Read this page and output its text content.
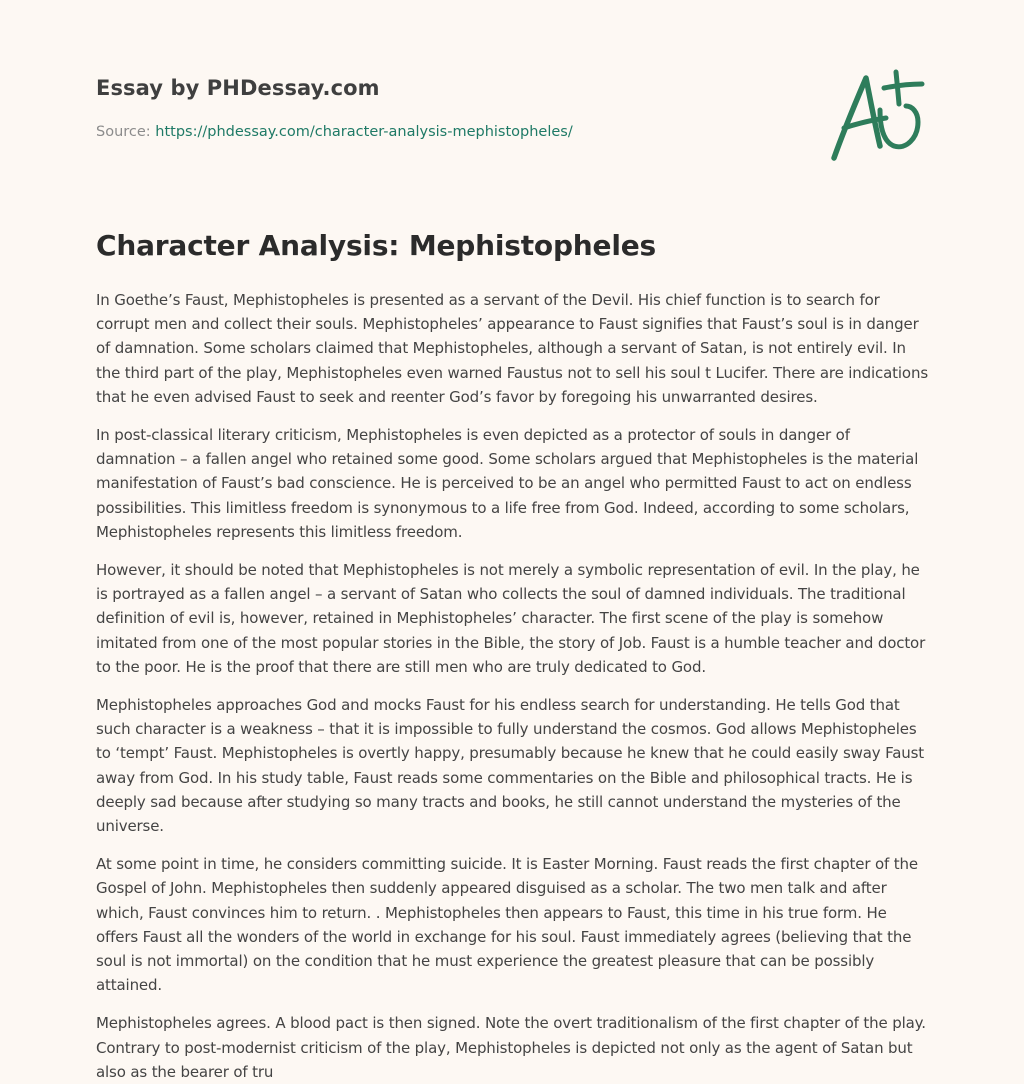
Essay by PHDessay.com
Source: https://phdessay.com/character-analysis-mephistopheles/
Character Analysis: Mephistopheles

In Goethe’s Faust, Mephistopheles is presented as a servant of the Devil. His chief function is to search for corrupt men and collect their souls. Mephistopheles’ appearance to Faust signifies that Faust’s soul is in danger of damnation. Some scholars claimed that Mephistopheles, although a servant of Satan, is not entirely evil. In the third part of the play, Mephistopheles even warned Faustus not to sell his soul t Lucifer. There are indications that he even advised Faust to seek and reenter God’s favor by foregoing his unwarranted desires.

In post-classical literary criticism, Mephistopheles is even depicted as a protector of souls in danger of damnation – a fallen angel who retained some good. Some scholars argued that Mephistopheles is the material manifestation of Faust’s bad conscience. He is perceived to be an angel who permitted Faust to act on endless possibilities. This limitless freedom is synonymous to a life free from God. Indeed, according to some scholars, Mephistopheles represents this limitless freedom.

However, it should be noted that Mephistopheles is not merely a symbolic representation of evil. In the play, he is portrayed as a fallen angel – a servant of Satan who collects the soul of damned individuals. The traditional definition of evil is, however, retained in Mephistopheles’ character. The first scene of the play is somehow imitated from one of the most popular stories in the Bible, the story of Job. Faust is a humble teacher and doctor to the poor. He is the proof that there are still men who are truly dedicated to God.

Mephistopheles approaches God and mocks Faust for his endless search for understanding. He tells God that such character is a weakness – that it is impossible to fully understand the cosmos. God allows Mephistopheles to ‘tempt’ Faust. Mephistopheles is overtly happy, presumably because he knew that he could easily sway Faust away from God. In his study table, Faust reads some commentaries on the Bible and philosophical tracts. He is deeply sad because after studying so many tracts and books, he still cannot understand the mysteries of the universe.

At some point in time, he considers committing suicide. It is Easter Morning. Faust reads the first chapter of the Gospel of John. Mephistopheles then suddenly appeared disguised as a scholar. The two men talk and after which, Faust convinces him to return. . Mephistopheles then appears to Faust, this time in his true form. He offers Faust all the wonders of the world in exchange for his soul. Faust immediately agrees (believing that the soul is not immortal) on the condition that he must experience the greatest pleasure that can be possibly attained.

Mephistopheles agrees. A blood pact is then signed. Note the overt traditionalism of the first chapter of the play. Contrary to post-modernist criticism of the play, Mephistopheles is depicted not only as the agent of Satan but also as the bearer of tru
